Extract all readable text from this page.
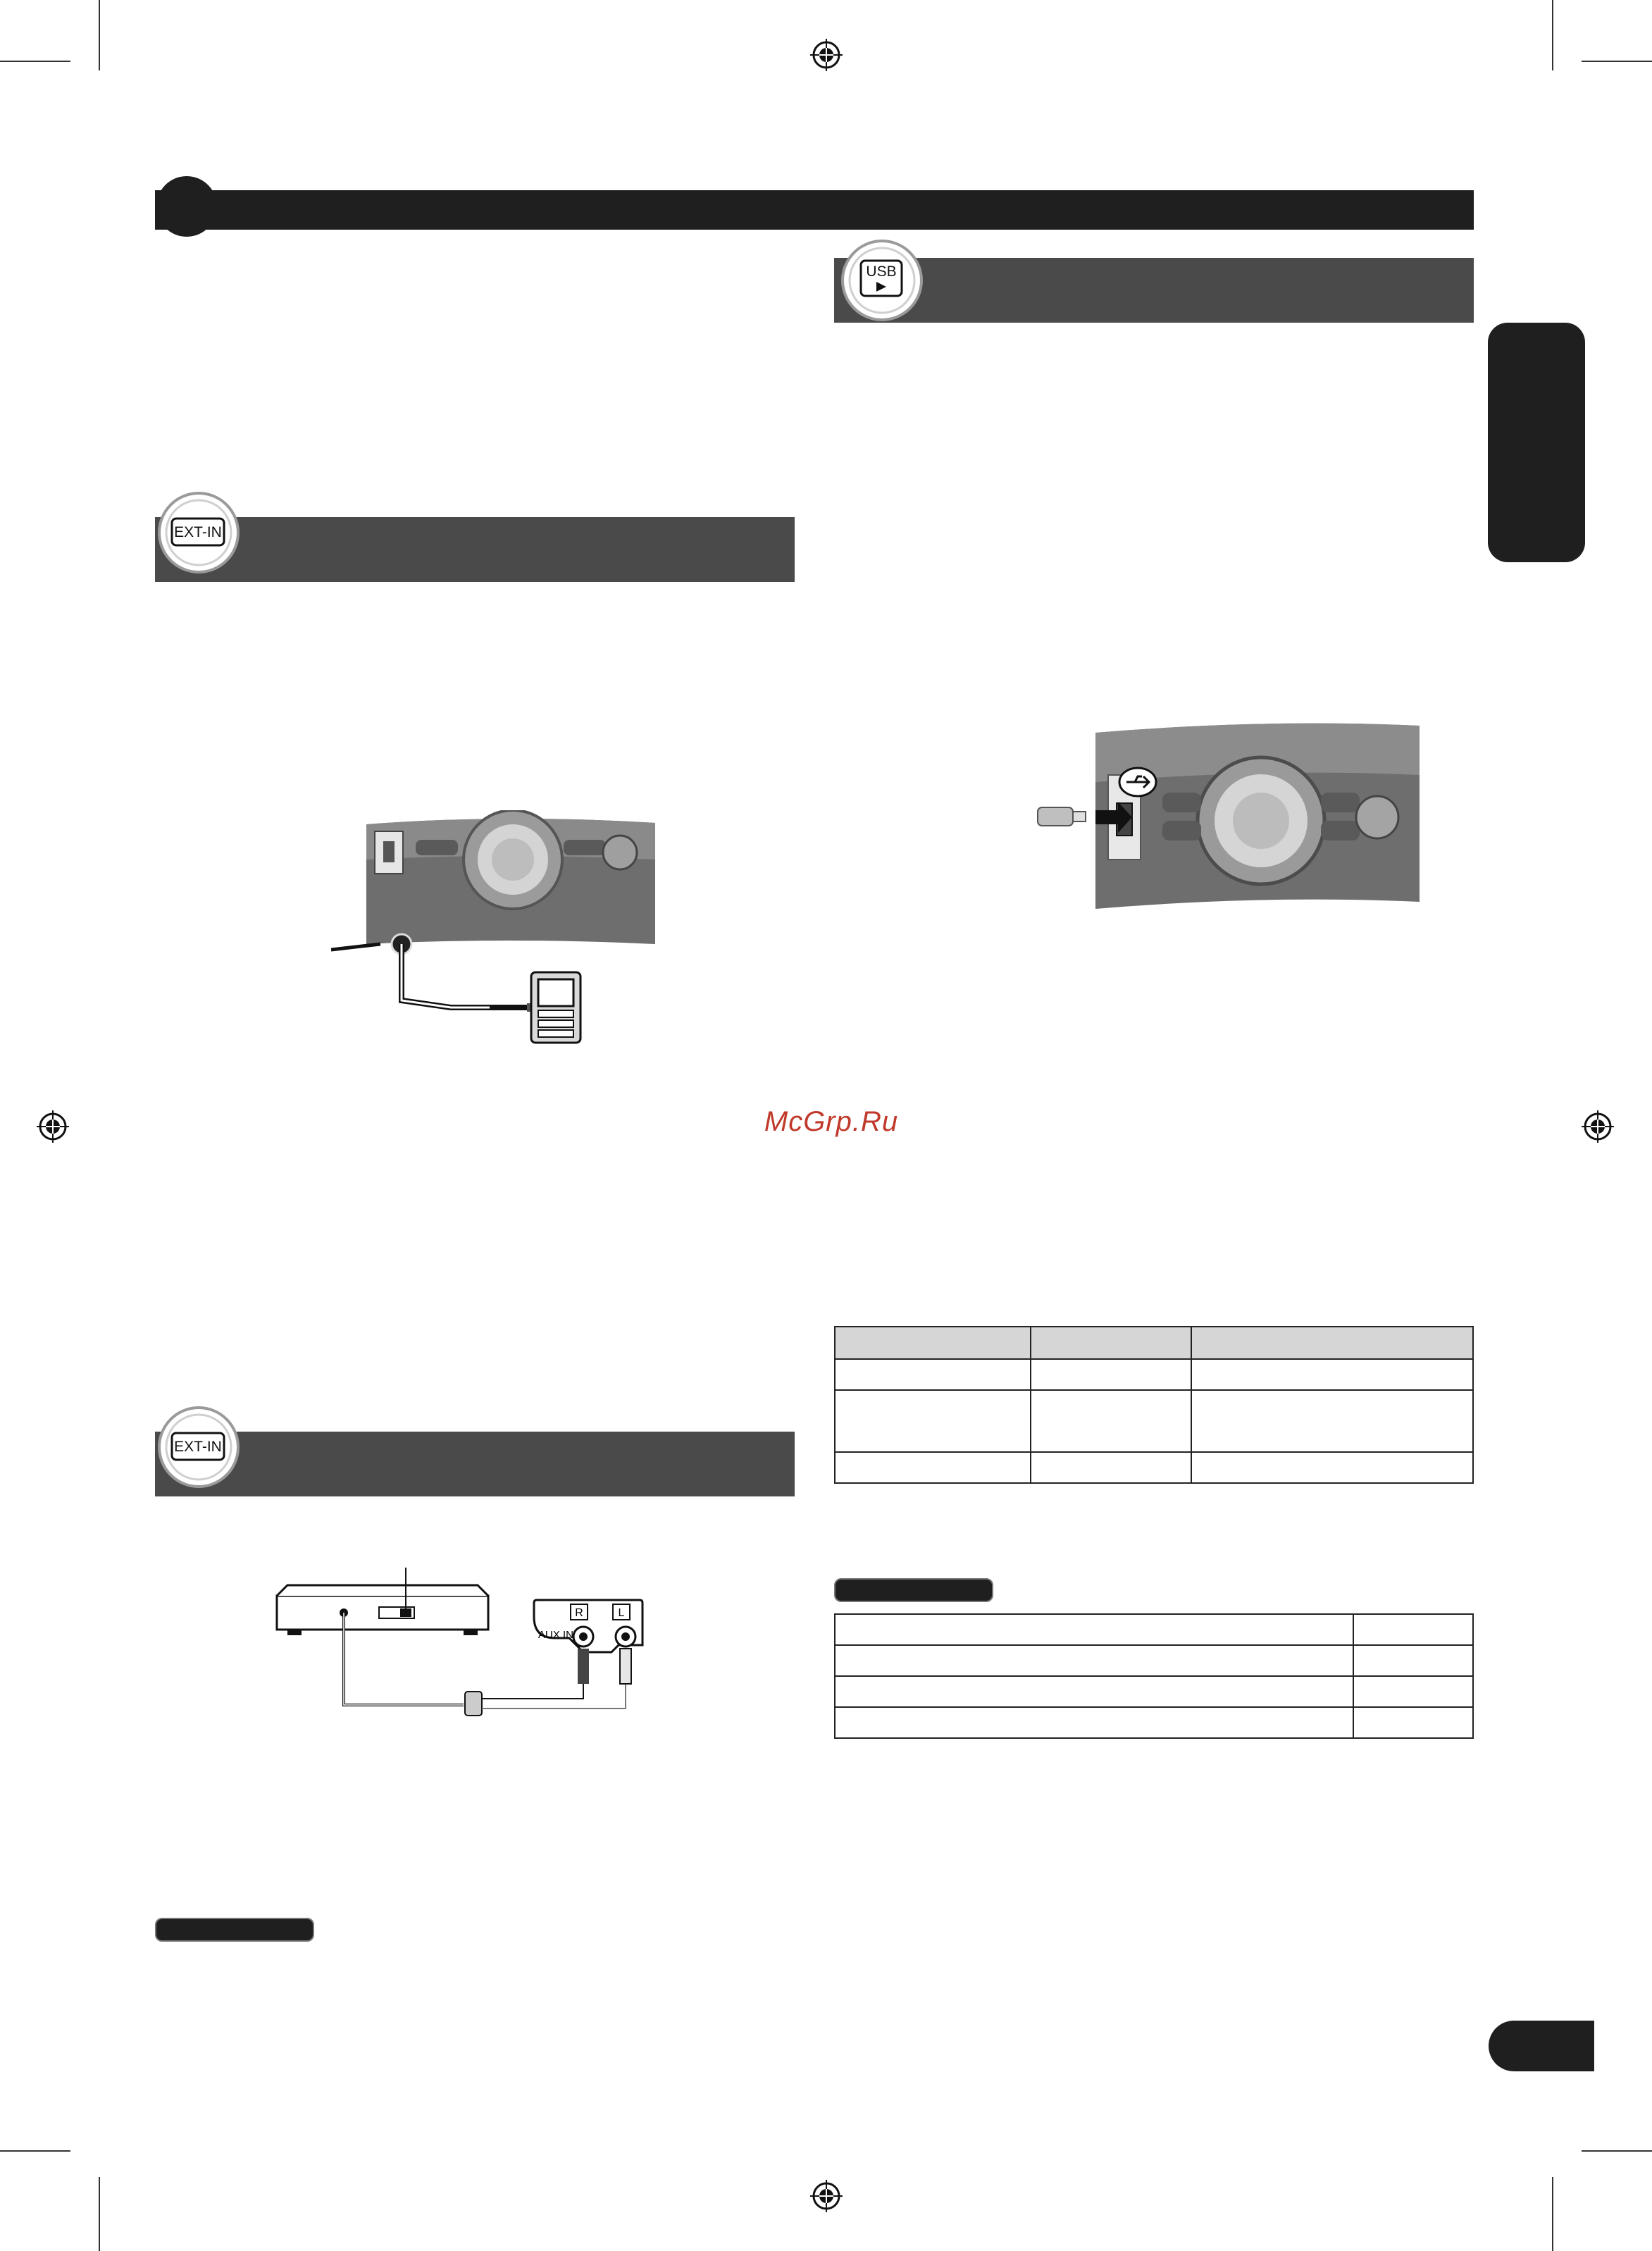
USB
EXT-IN
EXT-IN
R	L
AUX IN
McGrp.Ru
